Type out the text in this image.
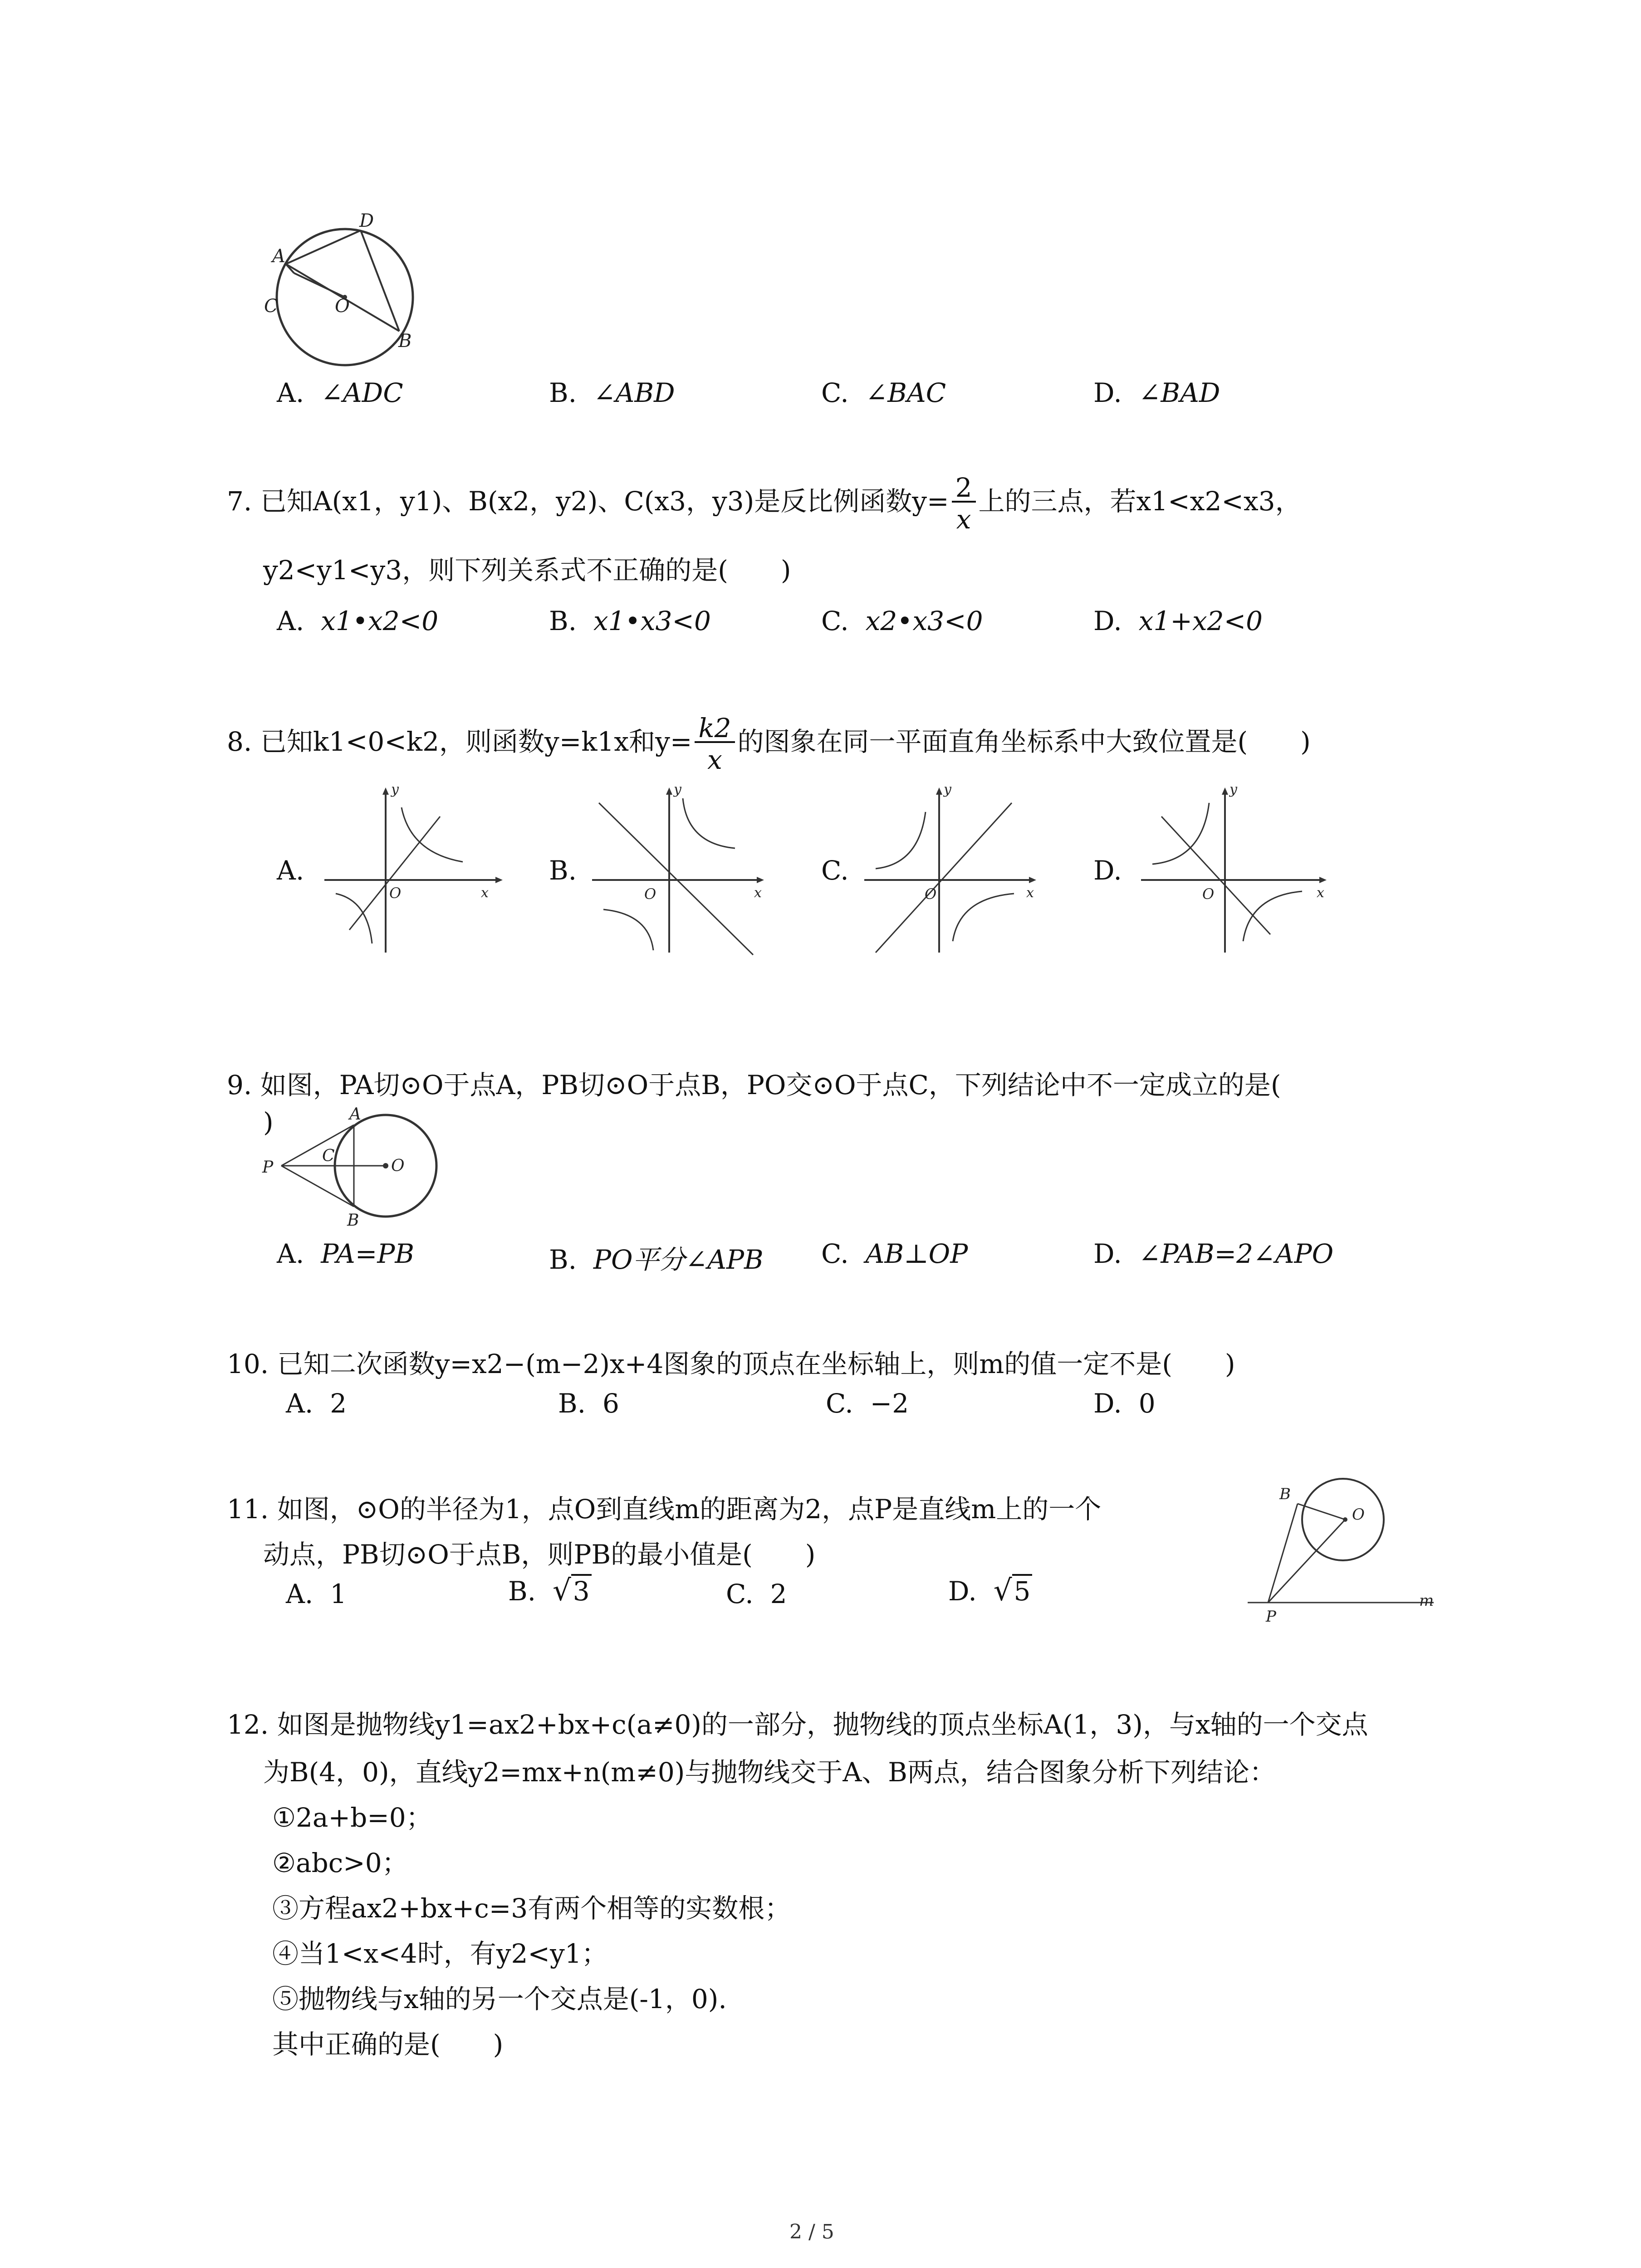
D
A
C	O
B
A. ∠ADC	B. ∠ABD	C. ∠BAC	D. ∠BAD
7. 已知A(x1，y1)、B(x2，y2)、C(x3，y3)是反比例函数$y= \frac{2}{x}$ 上的三点，若x1<x2<x3，
y2<y1<y3，则下列关系式不正确的是(　　)
A. x1•x2<0	B. x1•x3<0	C. x2•x3<0	D. x1+x2<0
8. 已知k1<0<k2，则函数y=k1x和$y= \frac{k2}{x}$ 的图象在同一平面直角坐标系中大致位置是(　　)
A.	B.	C.	D.
y
x
O
y
x
O
y
x
O
y
x
O
9. 如图，PA切⊙O于点A，PB切⊙O于点B，PO交⊙O于点C，下列结论中不一定成立的是(
)	A
P
C
O
B
A. PA=PB	B. PO平分∠APB C. AB⊥OP	D. ∠PAB=2∠APO
10. 已知二次函数y=x2−(m−2)x+4图象的顶点在坐标轴上，则m的值一定不是(　　)
A. 2	B. 6	C. −2	D. 0
11. 如图，⊙O的半径为1，点O到直线m的距离为2，点P是直线m上的一个
动点，PB切⊙O于点B，则PB的最小值是(　　)
A. 1	B. √3	C. 2	D. √5
B
O
P
m
12. 如图是抛物线y1=ax2+bx+c(a≠0)的一部分，抛物线的顶点坐标A(1，3)，与x轴的一个交点
为B(4，0)，直线y2=mx+n(m≠0)与抛物线交于A、B两点，结合图象分析下列结论：
①2a+b=0；
②abc>0；
③方程ax2+bx+c=3有两个相等的实数根；
④当1<x<4时，有y2<y1；
⑤抛物线与x轴的另一个交点是(-1，0).
其中正确的是(　　)
2 / 5
